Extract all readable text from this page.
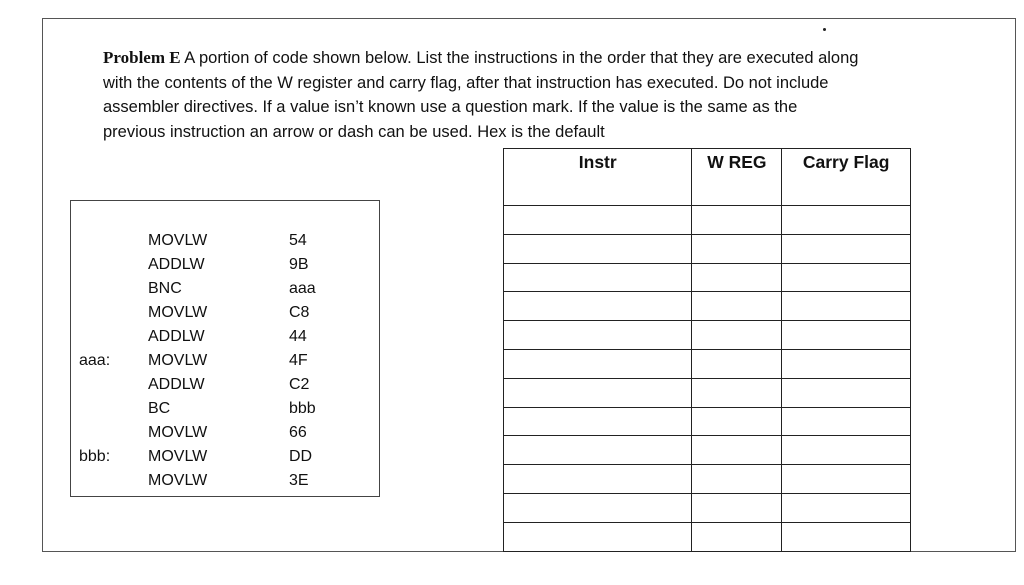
Problem E A portion of code shown below. List the instructions in the order that they are executed along with the contents of the W register and carry flag, after that instruction has executed. Do not include assembler directives. If a value isn’t known use a question mark. If the value is the same as the previous instruction an arrow or dash can be used. Hex is the default
MOVLW	54
ADDLW	9B
BNC	aaa
MOVLW	C8
ADDLW	44
aaa: MOVLW	4F
ADDLW	C2
BC	bbb
MOVLW	66
bbb: MOVLW	DD
MOVLW	3E
Instr	W REG	Carry Flag
